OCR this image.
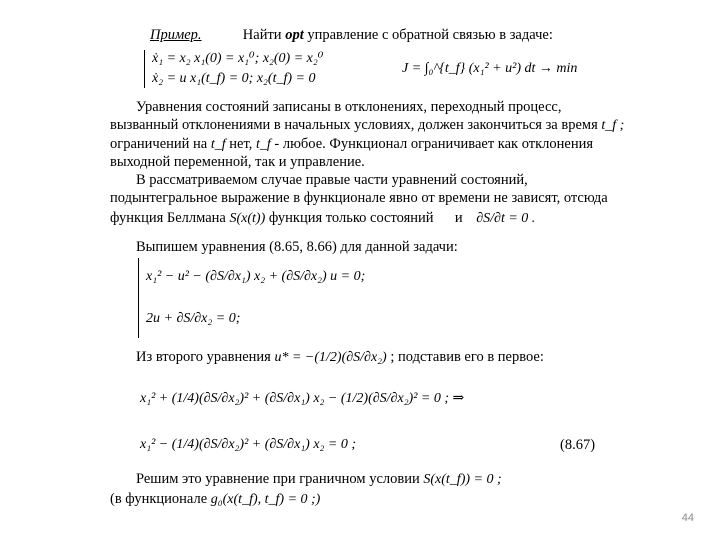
Пример.	Найти opt управление с обратной связью в задаче:
ẋ₁ = x₂ x₁(0) = x₁⁰; x₂(0) = x₂⁰
ẋ₂ = u x₁(t_f) = 0; x₂(t_f) = 0
J = ∫₀^{t_f} (x₁² + u²) dt → min
Уравнения состояний записаны в отклонениях, переходный процесс,
вызванный отклонениями в начальных условиях, должен закончиться за время t_f ;
ограничений на t_f нет, t_f - любое. Функционал ограничивает как отклонения
выходной переменной, так и управление.
В рассматриваемом случае правые части уравнений состояний,
подынтегральное выражение в функционале явно от времени не зависят, отсюда
функция Беллмана S(x(t)) функция только состояний и ∂S/∂t = 0 .
Выпишем уравнения (8.65, 8.66) для данной задачи:
x₁² − u² − (∂S/∂x₁) x₂ + (∂S/∂x₂) u = 0;
2u + ∂S/∂x₂ = 0;
Из второго уравнения u* = −(1/2)(∂S/∂x₂) ; подставив его в первое:
x₁² + (1/4)(∂S/∂x₂)² + (∂S/∂x₁) x₂ − (1/2)(∂S/∂x₂)² = 0 ; ⇒
x₁² − (1/4)(∂S/∂x₂)² + (∂S/∂x₁) x₂ = 0 ;	(8.67)
Решим это уравнение при граничном условии S(x(t_f)) = 0 ;
(в функционале g₀(x(t_f), t_f) = 0 ;)
44
